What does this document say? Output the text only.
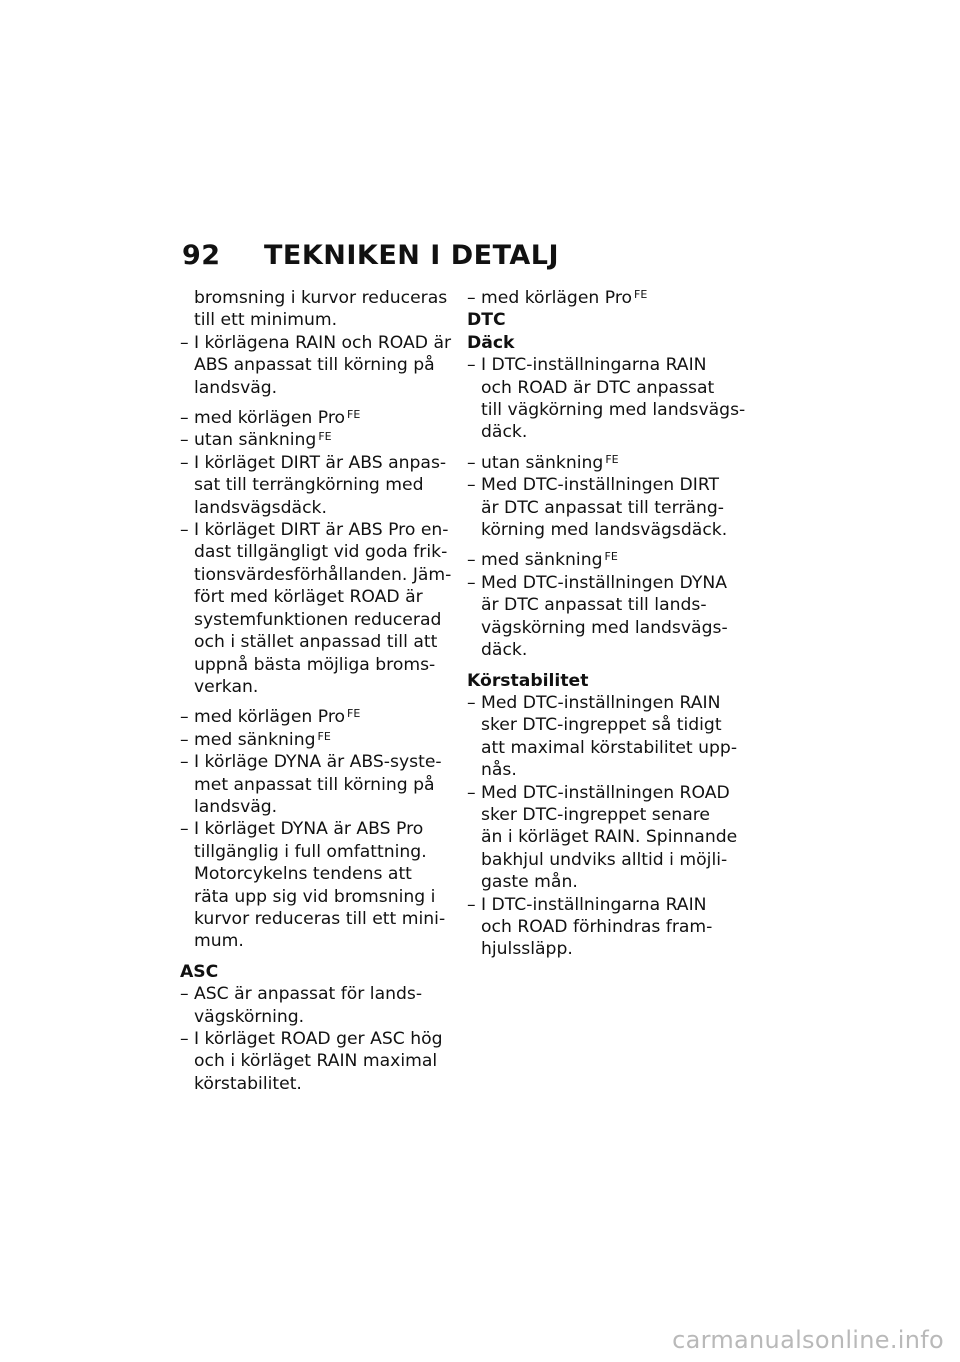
92	TEKNIKEN I DETALJ
bromsning i kurvor reduceras
till ett minimum.
– I körlägena RAIN och ROAD är
ABS anpassat till körning på
landsväg.
– med körlägen Pro $^{FE}$
– utan sänkning $^{FE}$
– I körläget DIRT är ABS anpas-
sat till terrängkörning med
landsvägsdäck.
– I körläget DIRT är ABS Pro en-
dast tillgängligt vid goda frik-
tionsvärdesförhållanden. Jäm-
fört med körläget ROAD är
systemfunktionen reducerad
och i stället anpassad till att
uppnå bästa möjliga broms-
verkan.
– med körlägen Pro $^{FE}$
– med sänkning $^{FE}$
– I körläge DYNA är ABS-syste-
met anpassat till körning på
landsväg.
– I körläget DYNA är ABS Pro
tillgänglig i full omfattning.
Motorcykelns tendens att
räta upp sig vid bromsning i
kurvor reduceras till ett mini-
mum.
ASC
– ASC är anpassat för lands-
vägskörning.
– I körläget ROAD ger ASC hög
och i körläget RAIN maximal
körstabilitet.
– med körlägen Pro $^{FE}$
DTC
Däck
– I DTC-inställningarna RAIN
och ROAD är DTC anpassat
till vägkörning med landsvägs-
däck.
– utan sänkning $^{FE}$
– Med DTC-inställningen DIRT
är DTC anpassat till terräng-
körning med landsvägsdäck.
– med sänkning $^{FE}$
– Med DTC-inställningen DYNA
är DTC anpassat till lands-
vägskörning med landsvägs-
däck.
Körstabilitet
– Med DTC-inställningen RAIN
sker DTC-ingreppet så tidigt
att maximal körstabilitet upp-
nås.
– Med DTC-inställningen ROAD
sker DTC-ingreppet senare
än i körläget RAIN. Spinnande
bakhjul undviks alltid i möjli-
gaste mån.
– I DTC-inställningarna RAIN
och ROAD förhindras fram-
hjulssläpp.
carmanualsonline.info
